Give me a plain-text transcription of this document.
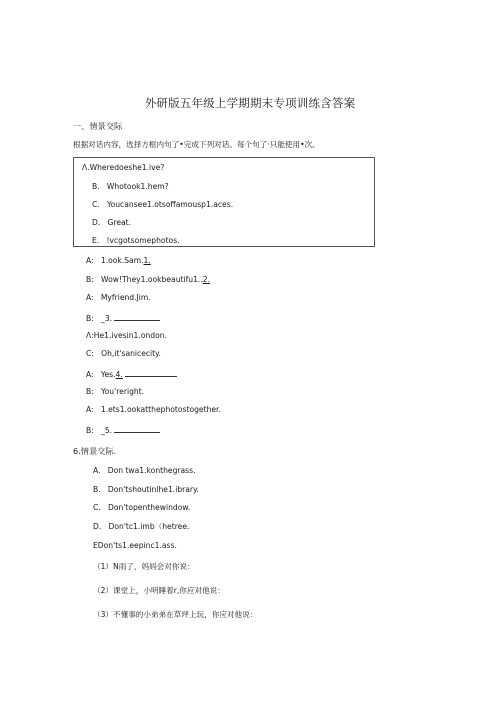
外研版五年级上学期期末专项训练含答案
一、情景交际
根据对话内容，选择方框内句了•完成下列对话。每个句了·只能使用•次。
Λ.Wheredoeshe1.ive?
B. Whotook1.hem?
C. Youcansee1.otsoffamousp1.aces.
D. Great.
E. !vcgotsomephotos.
A: 1.ook.Sam.1.
B: Wow!They1.ookbeautifu1..2.
A: Myfriend.Jim.
B: _3.
Λ:He1.ivesin1.ondon.
C: Oh,it'sanicecity.
A: Yes.4.
B: You'reright.
A: 1.ets1.ookatthephotostogether.
B: _5.
6.情景交际.
A. Don twa1.konthegrass.
B. Don'tshoutinlhe1.ibrary.
C. Don'topenthewindow.
D. Don'tc1.imb（hetree.
EDon'ts1.eepinc1.ass.
（1）N雨了，妈妈会对你说：
（2）课堂上，小明睡着r,你应对他说：
（3）不懂事的小弟弟在草坪上玩，你应对他说：
